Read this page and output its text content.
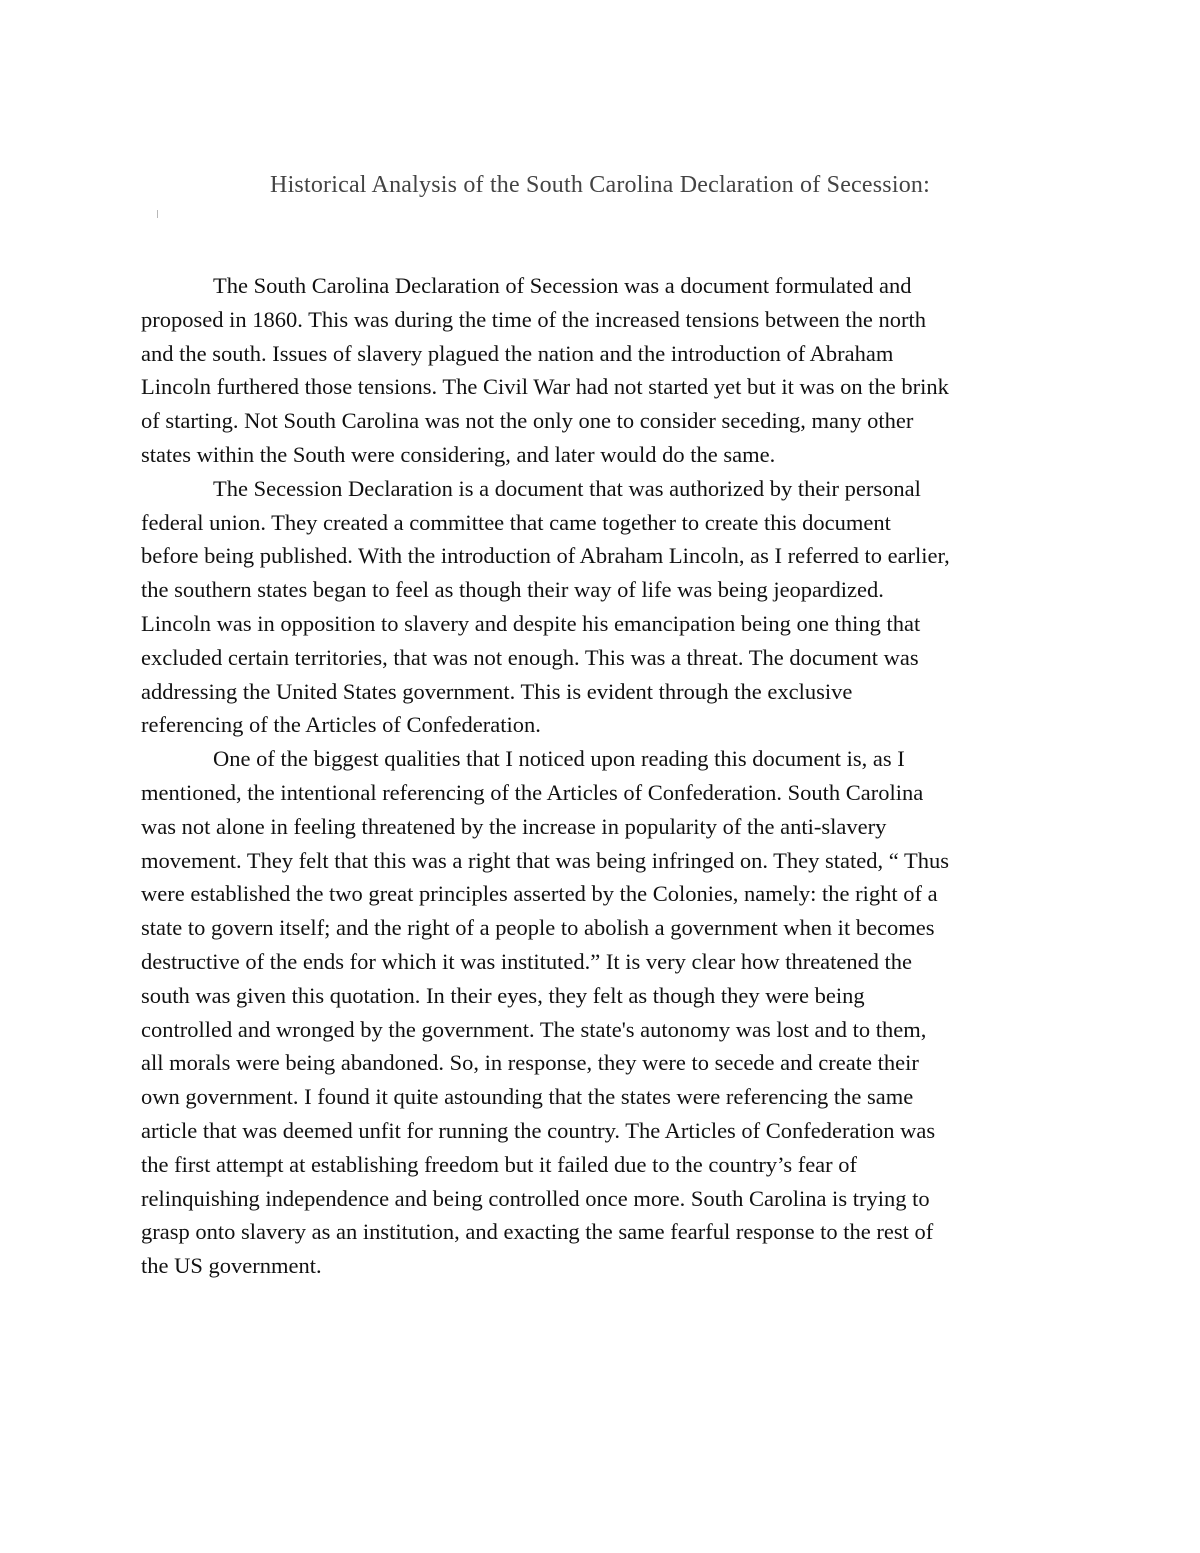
Historical Analysis of the South Carolina Declaration of Secession:

The South Carolina Declaration of Secession was a document formulated and
proposed in 1860. This was during the time of the increased tensions between the north
and the south. Issues of slavery plagued the nation and the introduction of Abraham
Lincoln furthered those tensions. The Civil War had not started yet but it was on the brink
of starting. Not South Carolina was not the only one to consider seceding, many other
states within the South were considering, and later would do the same.

The Secession Declaration is a document that was authorized by their personal
federal union. They created a committee that came together to create this document
before being published. With the introduction of Abraham Lincoln, as I referred to earlier,
the southern states began to feel as though their way of life was being jeopardized.
Lincoln was in opposition to slavery and despite his emancipation being one thing that
excluded certain territories, that was not enough. This was a threat. The document was
addressing the United States government. This is evident through the exclusive
referencing of the Articles of Confederation.

One of the biggest qualities that I noticed upon reading this document is, as I
mentioned, the intentional referencing of the Articles of Confederation. South Carolina
was not alone in feeling threatened by the increase in popularity of the anti-slavery
movement. They felt that this was a right that was being infringed on. They stated, “ Thus
were established the two great principles asserted by the Colonies, namely: the right of a
state to govern itself; and the right of a people to abolish a government when it becomes
destructive of the ends for which it was instituted.” It is very clear how threatened the
south was given this quotation. In their eyes, they felt as though they were being
controlled and wronged by the government. The state's autonomy was lost and to them,
all morals were being abandoned. So, in response, they were to secede and create their
own government. I found it quite astounding that the states were referencing the same
article that was deemed unfit for running the country. The Articles of Confederation was
the first attempt at establishing freedom but it failed due to the country’s fear of
relinquishing independence and being controlled once more. South Carolina is trying to
grasp onto slavery as an institution, and exacting the same fearful response to the rest of
the US government.
